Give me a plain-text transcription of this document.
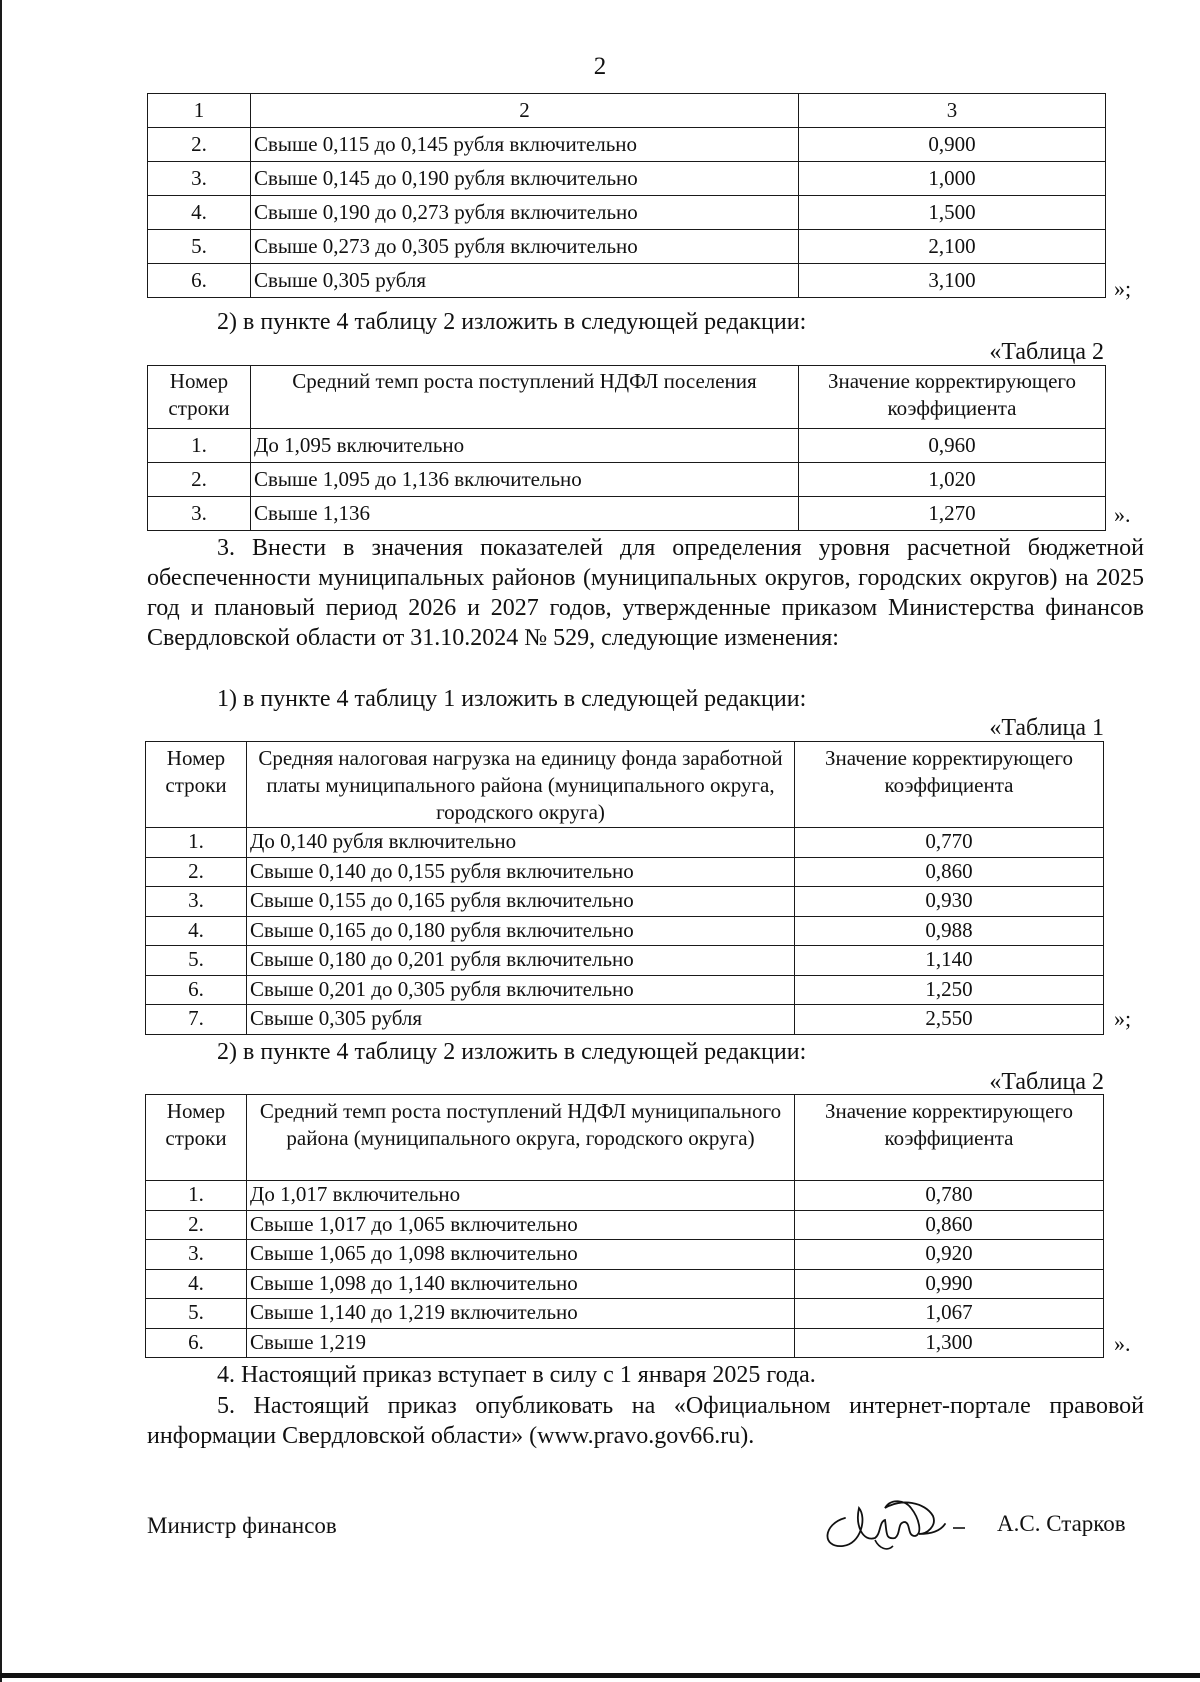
2
1	2	3
2.	Свыше 0,115 до 0,145 рубля включительно	0,900
3.	Свыше 0,145 до 0,190 рубля включительно	1,000
4.	Свыше 0,190 до 0,273 рубля включительно	1,500
5.	Свыше 0,273 до 0,305 рубля включительно	2,100
6.	Свыше 0,305 рубля	3,100	»;
2) в пункте 4 таблицу 2 изложить в следующей редакции:
«Таблица 2
Номер строки	Средний темп роста поступлений НДФЛ поселения	Значение корректирующего коэффициента
1.	До 1,095 включительно	0,960
2.	Свыше 1,095 до 1,136 включительно	1,020
3.	Свыше 1,136	1,270	».
3. Внести в значения показателей для определения уровня расчетной бюджетной обеспеченности муниципальных районов (муниципальных округов, городских округов) на 2025 год и плановый период 2026 и 2027 годов, утвержденные приказом Министерства финансов Свердловской области от 31.10.2024 № 529, следующие изменения:
1) в пункте 4 таблицу 1 изложить в следующей редакции:
«Таблица 1
Номер строки	Средняя налоговая нагрузка на единицу фонда заработной платы муниципального района (муниципального округа, городского округа)	Значение корректирующего коэффициента
1.	До 0,140 рубля включительно	0,770
2.	Свыше 0,140 до 0,155 рубля включительно	0,860
3.	Свыше 0,155 до 0,165 рубля включительно	0,930
4.	Свыше 0,165 до 0,180 рубля включительно	0,988
5.	Свыше 0,180 до 0,201 рубля включительно	1,140
6.	Свыше 0,201 до 0,305 рубля включительно	1,250
7.	Свыше 0,305 рубля	2,550	»;
2) в пункте 4 таблицу 2 изложить в следующей редакции:
«Таблица 2
Номер строки	Средний темп роста поступлений НДФЛ муниципального района (муниципального округа, городского округа)	Значение корректирующего коэффициента
1.	До 1,017 включительно	0,780
2.	Свыше 1,017 до 1,065 включительно	0,860
3.	Свыше 1,065 до 1,098 включительно	0,920
4.	Свыше 1,098 до 1,140 включительно	0,990
5.	Свыше 1,140 до 1,219 включительно	1,067
6.	Свыше 1,219	1,300	».
4. Настоящий приказ вступает в силу с 1 января 2025 года.
5. Настоящий приказ опубликовать на «Официальном интернет-портале правовой информации Свердловской области» (www.pravo.gov66.ru).
Министр финансов	А.С. Старков
